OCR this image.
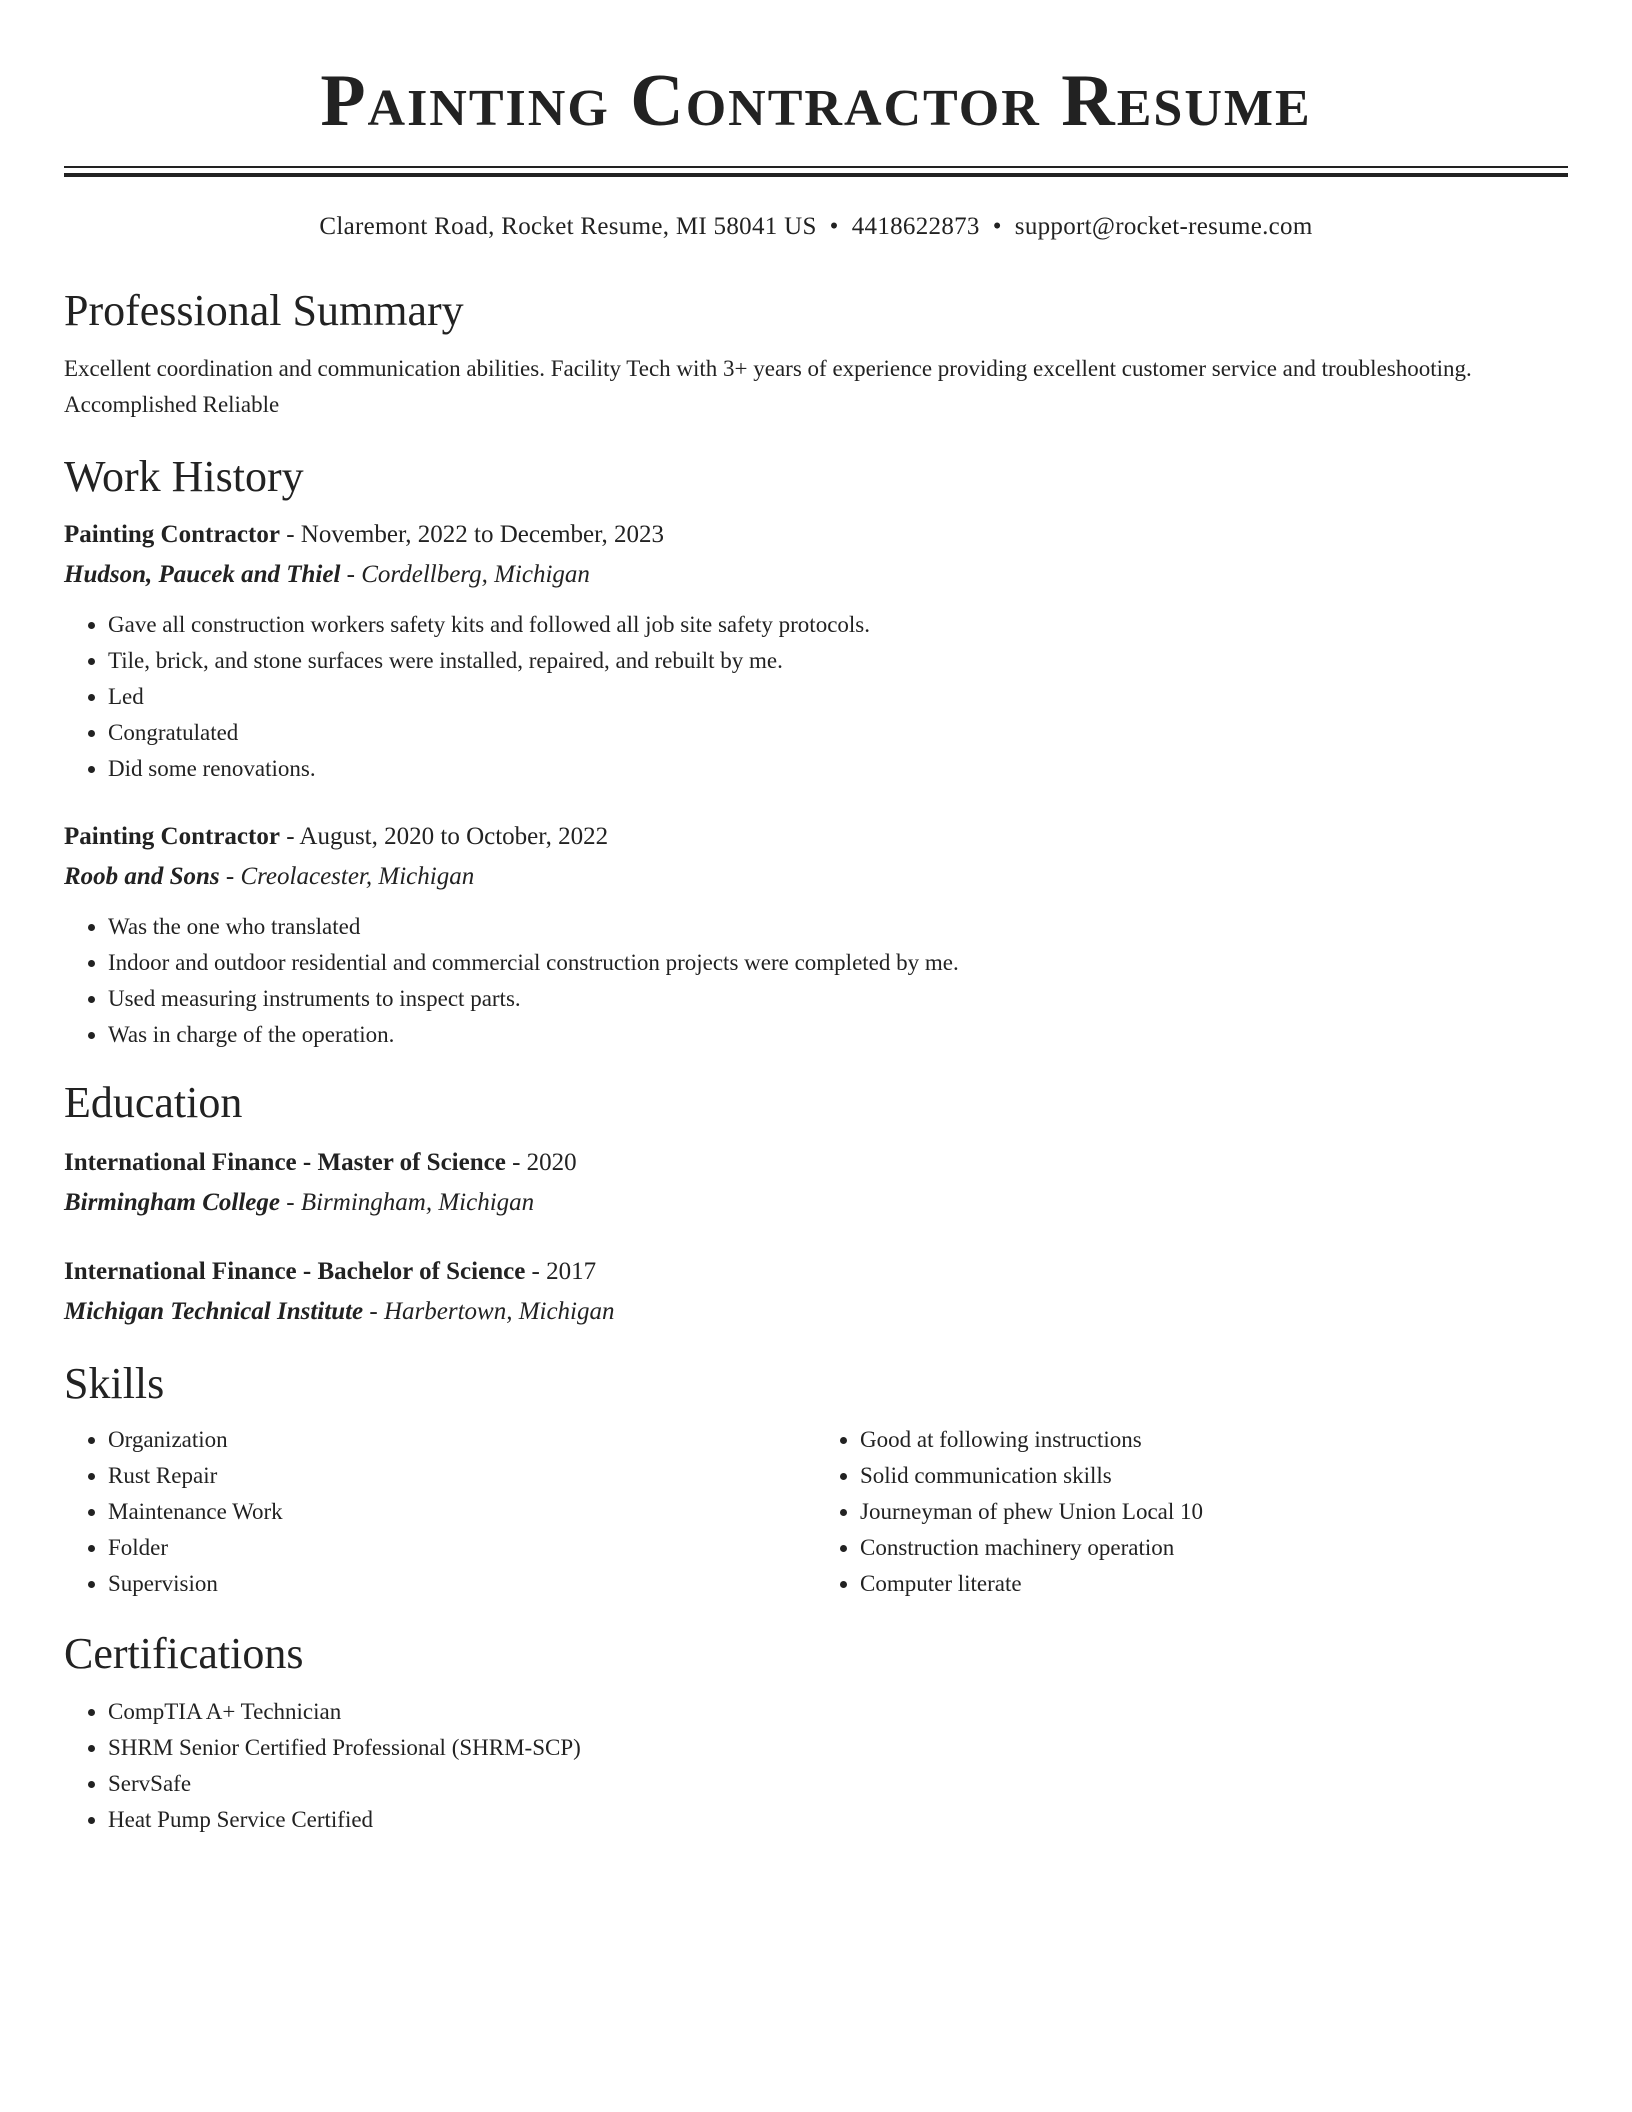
Painting Contractor Resume
Claremont Road, Rocket Resume, MI 58041 US • 4418622873 • support@rocket-resume.com
Professional Summary

Excellent coordination and communication abilities. Facility Tech with 3+ years of experience providing excellent customer service and troubleshooting. Accomplished Reliable

Work History
Painting Contractor - November, 2022 to December, 2023
Hudson, Paucek and Thiel - Cordellberg, Michigan
• Gave all construction workers safety kits and followed all job site safety protocols.
• Tile, brick, and stone surfaces were installed, repaired, and rebuilt by me.
• Led
• Congratulated
• Did some renovations.
Painting Contractor - August, 2020 to October, 2022
Roob and Sons - Creolacester, Michigan
• Was the one who translated
• Indoor and outdoor residential and commercial construction projects were completed by me.
• Used measuring instruments to inspect parts.
• Was in charge of the operation.
Education
International Finance - Master of Science - 2020
Birmingham College - Birmingham, Michigan
International Finance - Bachelor of Science - 2017
Michigan Technical Institute - Harbertown, Michigan
Skills
• Organization
• Rust Repair
• Maintenance Work
• Folder
• Supervision
• Good at following instructions
• Solid communication skills
• Journeyman of phew Union Local 10
• Construction machinery operation
• Computer literate
Certifications
• CompTIA A+ Technician
• SHRM Senior Certified Professional (SHRM-SCP)
• ServSafe
• Heat Pump Service Certified
